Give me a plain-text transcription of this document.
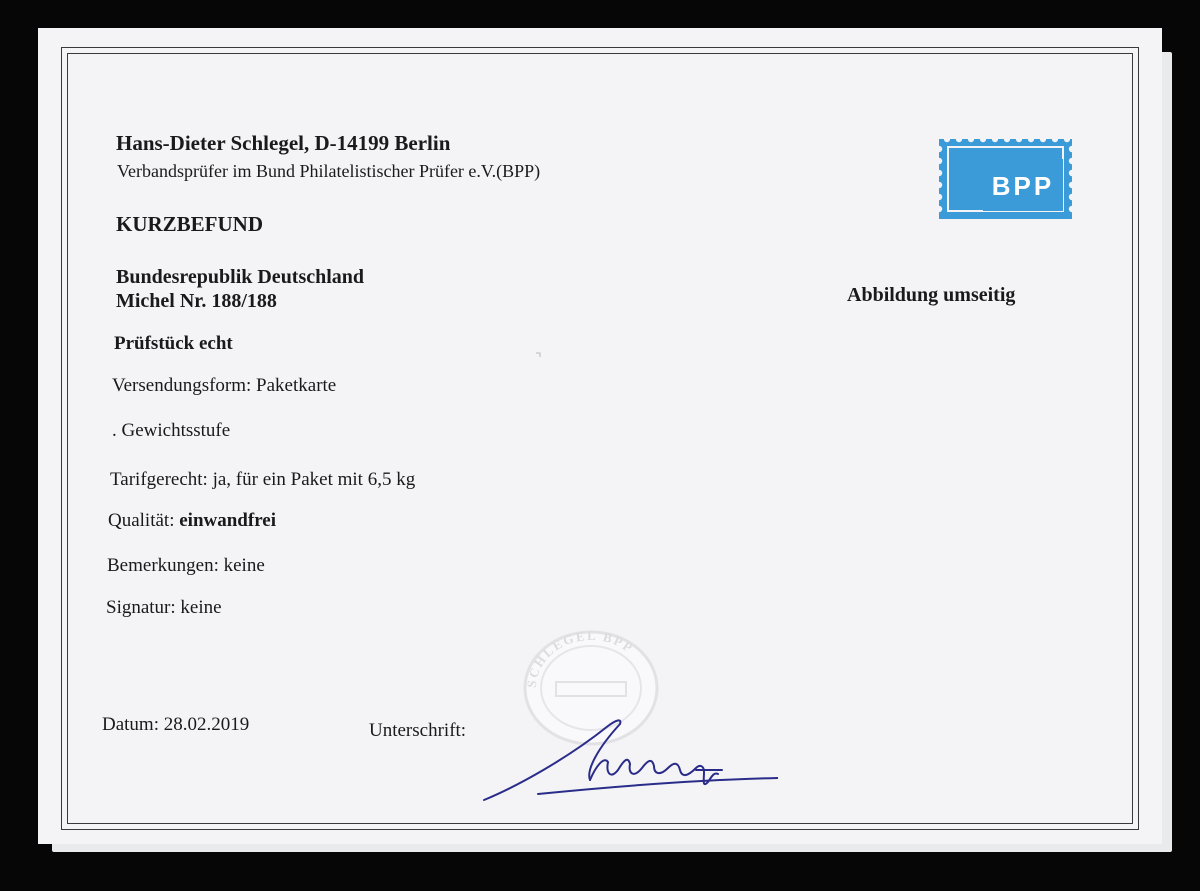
Hans-Dieter Schlegel, D-14199 Berlin
Verbandsprüfer im Bund Philatelistischer Prüfer e.V.(BPP)	BPP
KURZBEFUND
Bundesrepublik Deutschland
Michel Nr. 188/188	Abbildung umseitig
Prüfstück echt
Versendungsform: Paketkarte
. Gewichtsstufe
Tarifgerecht: ja, für ein Paket mit 6,5 kg
Qualität: einwandfrei
Bemerkungen: keine
Signatur: keine
SCHLEGEL BPP
Datum: 28.02.2019	Unterschrift:
